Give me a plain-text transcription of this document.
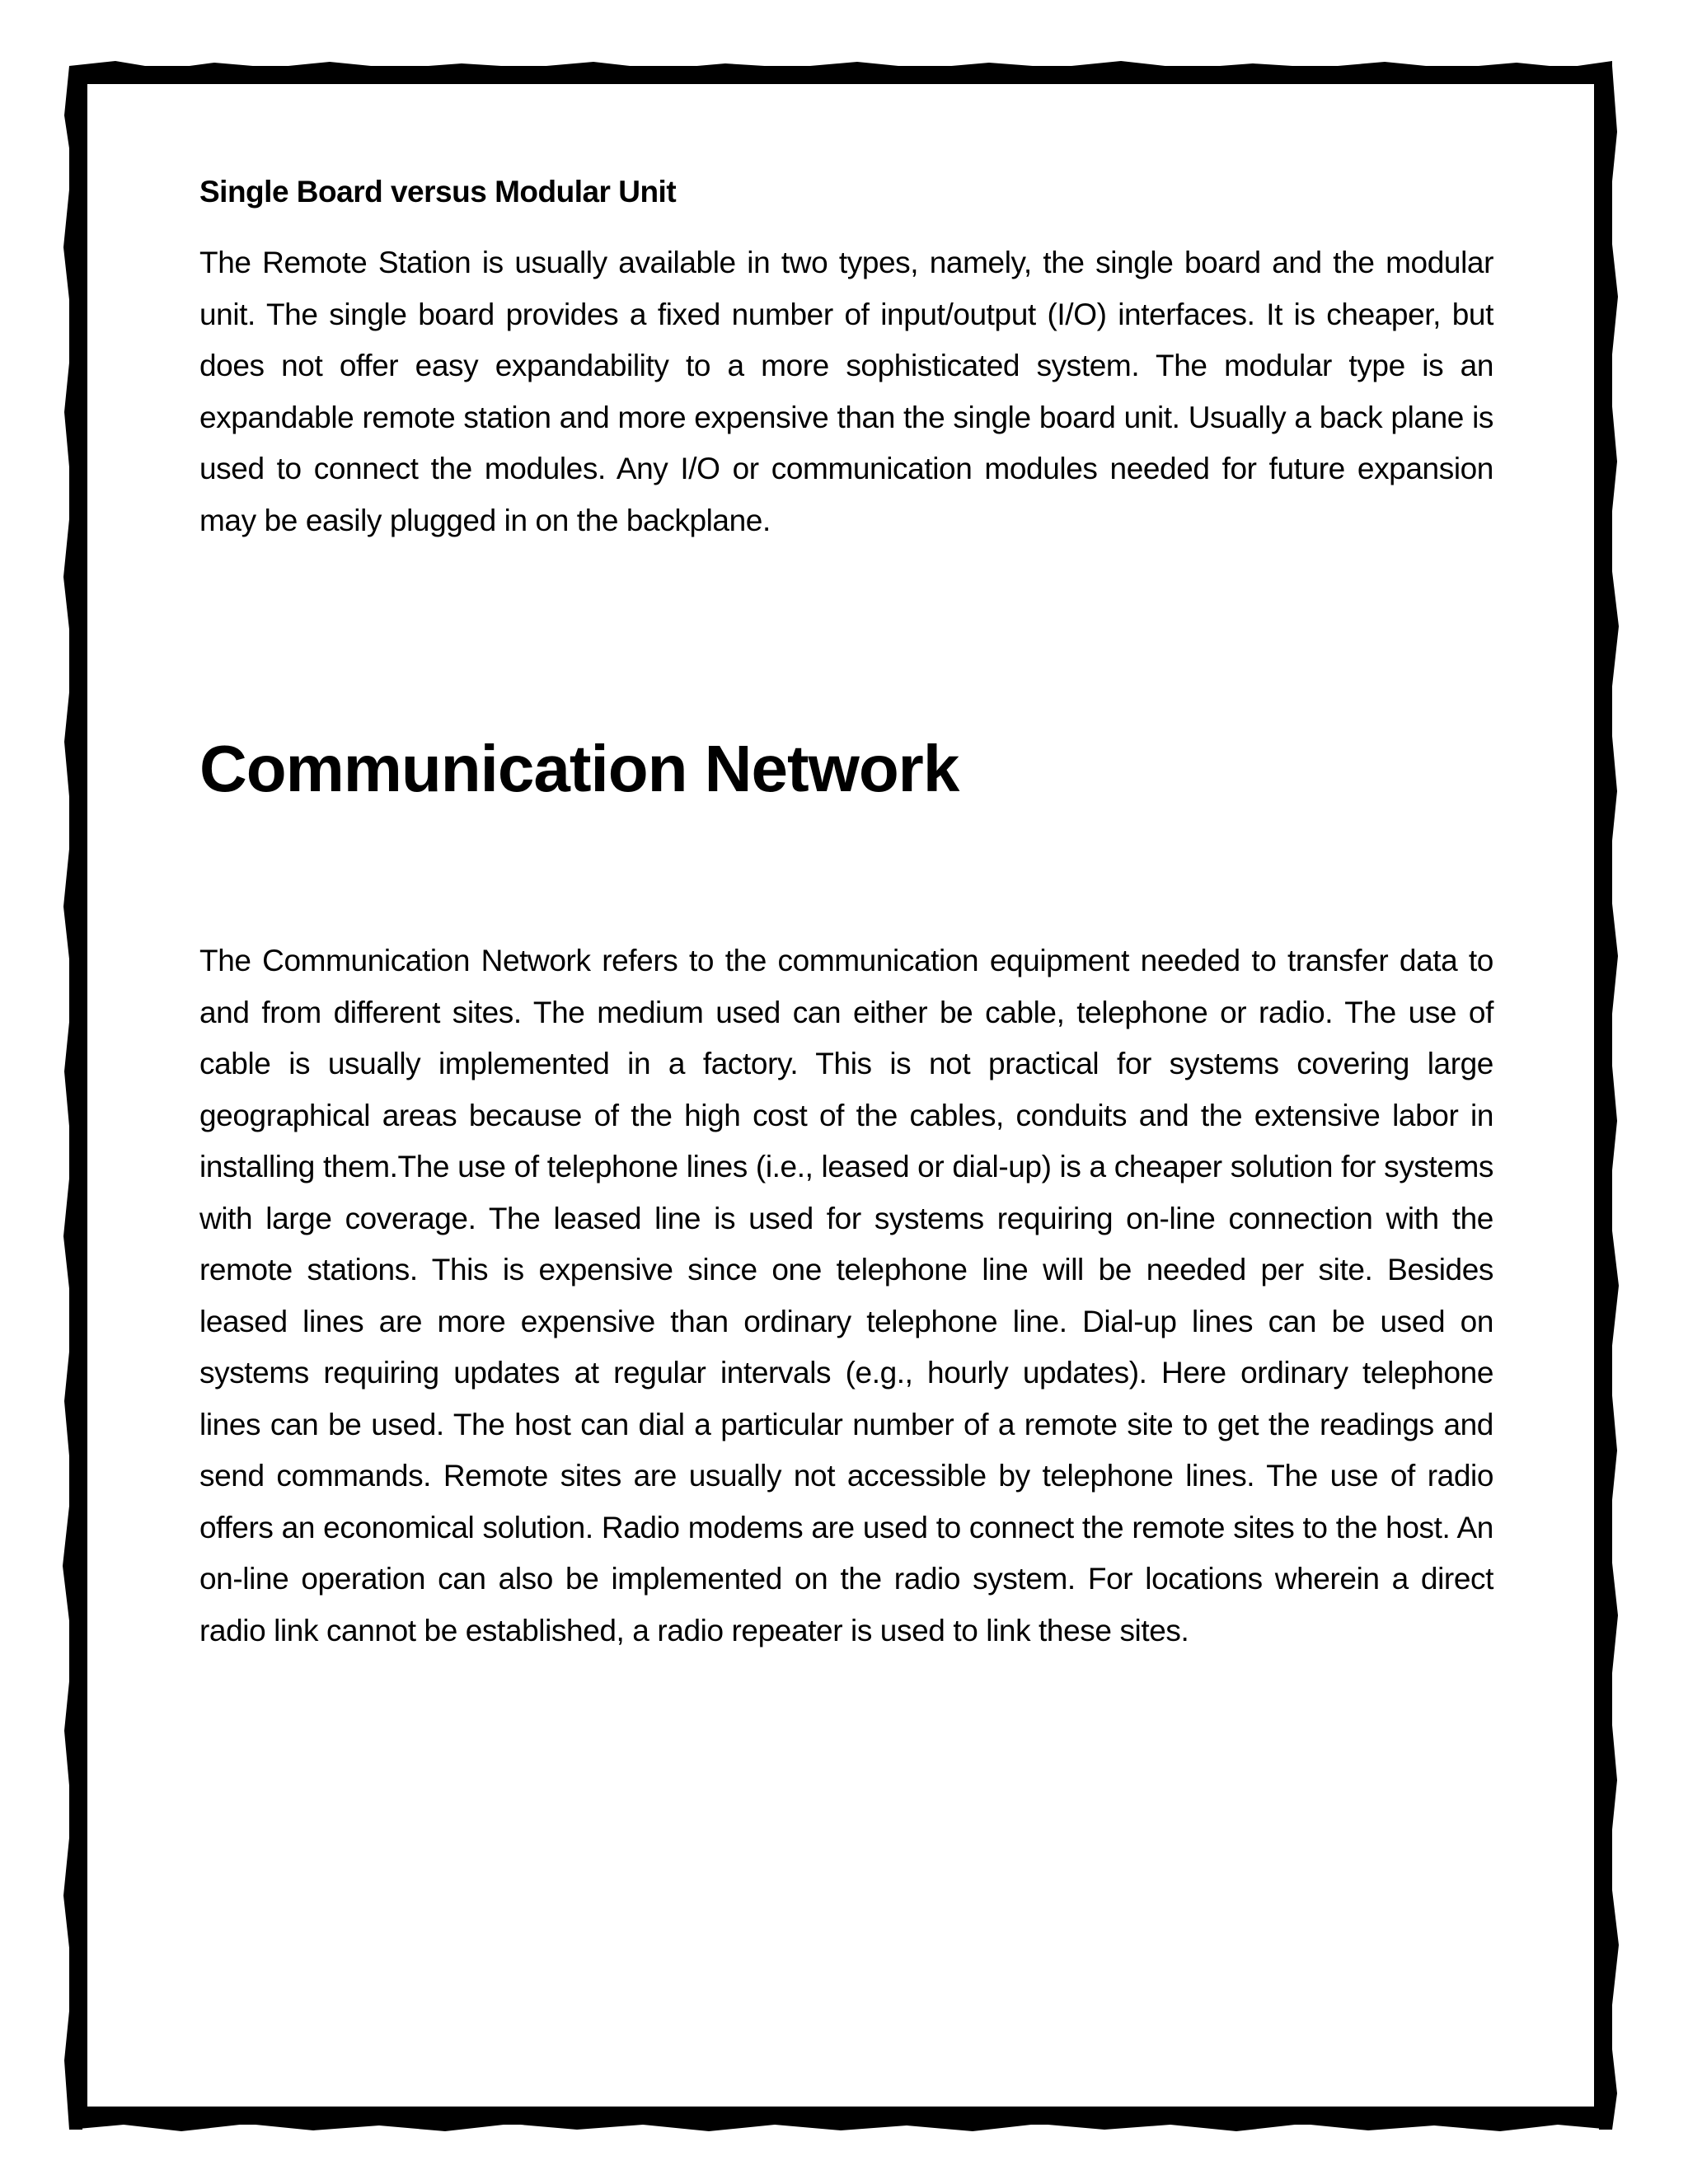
Single Board versus Modular Unit

The Remote Station is usually available in two types, namely, the single board and the modular unit. The single board provides a fixed number of input/output (I/O) interfaces. It is cheaper, but does not offer easy expandability to a more sophisticated system. The modular type is an expandable remote station and more expensive than the single board unit. Usually a back plane is used to connect the modules. Any I/O or communication modules needed for future expansion may be easily plugged in on the backplane.

Communication Network

The Communication Network refers to the communication equipment needed to transfer data to and from different sites. The medium used can either be cable, telephone or radio. The use of cable is usually implemented in a factory. This is not practical for systems covering large geographical areas because of the high cost of the cables, conduits and the extensive labor in installing them.The use of telephone lines (i.e., leased or dial-up) is a cheaper solution for systems with large coverage. The leased line is used for systems requiring on-line connection with the remote stations. This is expensive since one telephone line will be needed per site. Besides leased lines are more expensive than ordinary telephone line. Dial-up lines can be used on systems requiring updates at regular intervals (e.g., hourly updates). Here ordinary telephone lines can be used. The host can dial a particular number of a remote site to get the readings and send commands. Remote sites are usually not accessible by telephone lines. The use of radio offers an economical solution. Radio modems are used to connect the remote sites to the host. An on-line operation can also be implemented on the radio system. For locations wherein a direct radio link cannot be established, a radio repeater is used to link these sites.
